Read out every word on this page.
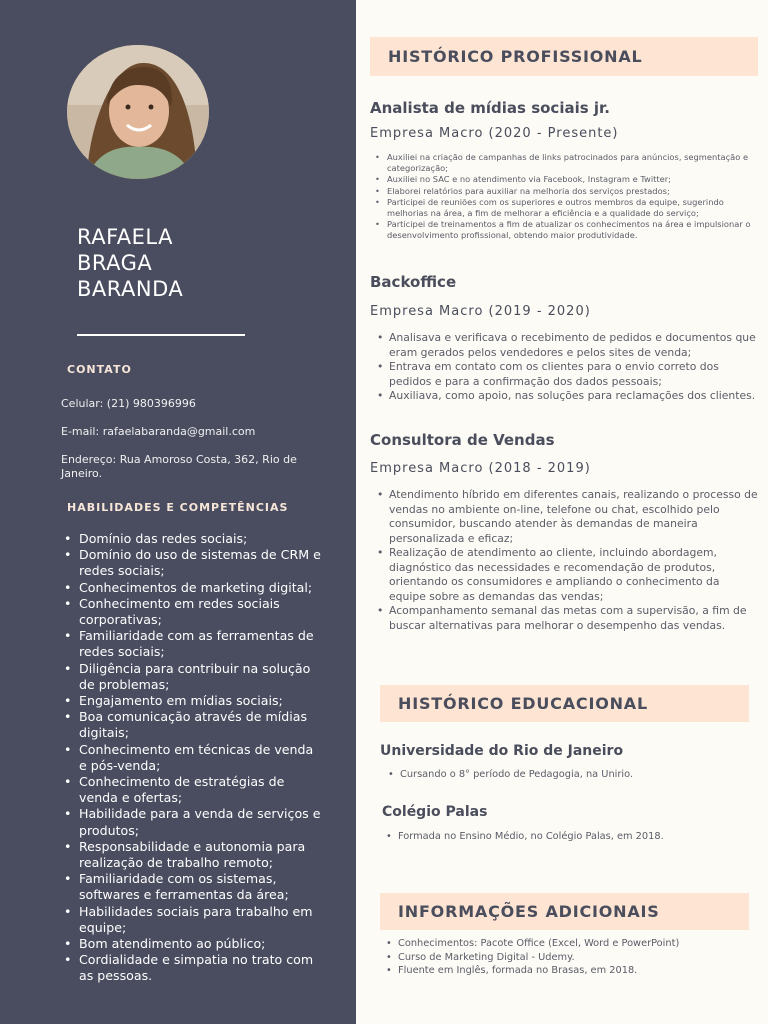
RAFAELA
BRAGA
BARANDA
CONTATO
Celular: (21) 980396996
E-mail: rafaelabaranda@gmail.com
Endereço: Rua Amoroso Costa, 362, Rio de Janeiro.
HABILIDADES E COMPETÊNCIAS
• Domínio das redes sociais;
• Domínio do uso de sistemas de CRM e redes sociais;
• Conhecimentos de marketing digital;
• Conhecimento em redes sociais corporativas;
• Familiaridade com as ferramentas de redes sociais;
• Diligência para contribuir na solução de problemas;
• Engajamento em mídias sociais;
• Boa comunicação através de mídias digitais;
• Conhecimento em técnicas de venda e pós-venda;
• Conhecimento de estratégias de venda e ofertas;
• Habilidade para a venda de serviços e produtos;
• Responsabilidade e autonomia para realização de trabalho remoto;
• Familiaridade com os sistemas, softwares e ferramentas da área;
• Habilidades sociais para trabalho em equipe;
• Bom atendimento ao público;
• Cordialidade e simpatia no trato com as pessoas.
HISTÓRICO PROFISSIONAL
Analista de mídias sociais jr.
Empresa Macro (2020 - Presente)
• Auxiliei na criação de campanhas de links patrocinados para anúncios, segmentação e categorização;
• Auxiliei no SAC e no atendimento via Facebook, Instagram e Twitter;
• Elaborei relatórios para auxiliar na melhoria dos serviços prestados;
• Participei de reuniões com os superiores e outros membros da equipe, sugerindo melhorias na área, a fim de melhorar a eficiência e a qualidade do serviço;
• Participei de treinamentos a fim de atualizar os conhecimentos na área e impulsionar o desenvolvimento profissional, obtendo maior produtividade.
Backoffice
Empresa Macro (2019 - 2020)
• Analisava e verificava o recebimento de pedidos e documentos que eram gerados pelos vendedores e pelos sites de venda;
• Entrava em contato com os clientes para o envio correto dos pedidos e para a confirmação dos dados pessoais;
• Auxiliava, como apoio, nas soluções para reclamações dos clientes.
Consultora de Vendas
Empresa Macro (2018 - 2019)
• Atendimento híbrido em diferentes canais, realizando o processo de vendas no ambiente on-line, telefone ou chat, escolhido pelo consumidor, buscando atender às demandas de maneira personalizada e eficaz;
• Realização de atendimento ao cliente, incluindo abordagem, diagnóstico das necessidades e recomendação de produtos, orientando os consumidores e ampliando o conhecimento da equipe sobre as demandas das vendas;
• Acompanhamento semanal das metas com a supervisão, a fim de buscar alternativas para melhorar o desempenho das vendas.
HISTÓRICO EDUCACIONAL
Universidade do Rio de Janeiro
• Cursando o 8° período de Pedagogia, na Unirio.
Colégio Palas
• Formada no Ensino Médio, no Colégio Palas, em 2018.
INFORMAÇÕES ADICIONAIS
• Conhecimentos: Pacote Office (Excel, Word e PowerPoint)
• Curso de Marketing Digital - Udemy.
• Fluente em Inglês, formada no Brasas, em 2018.
